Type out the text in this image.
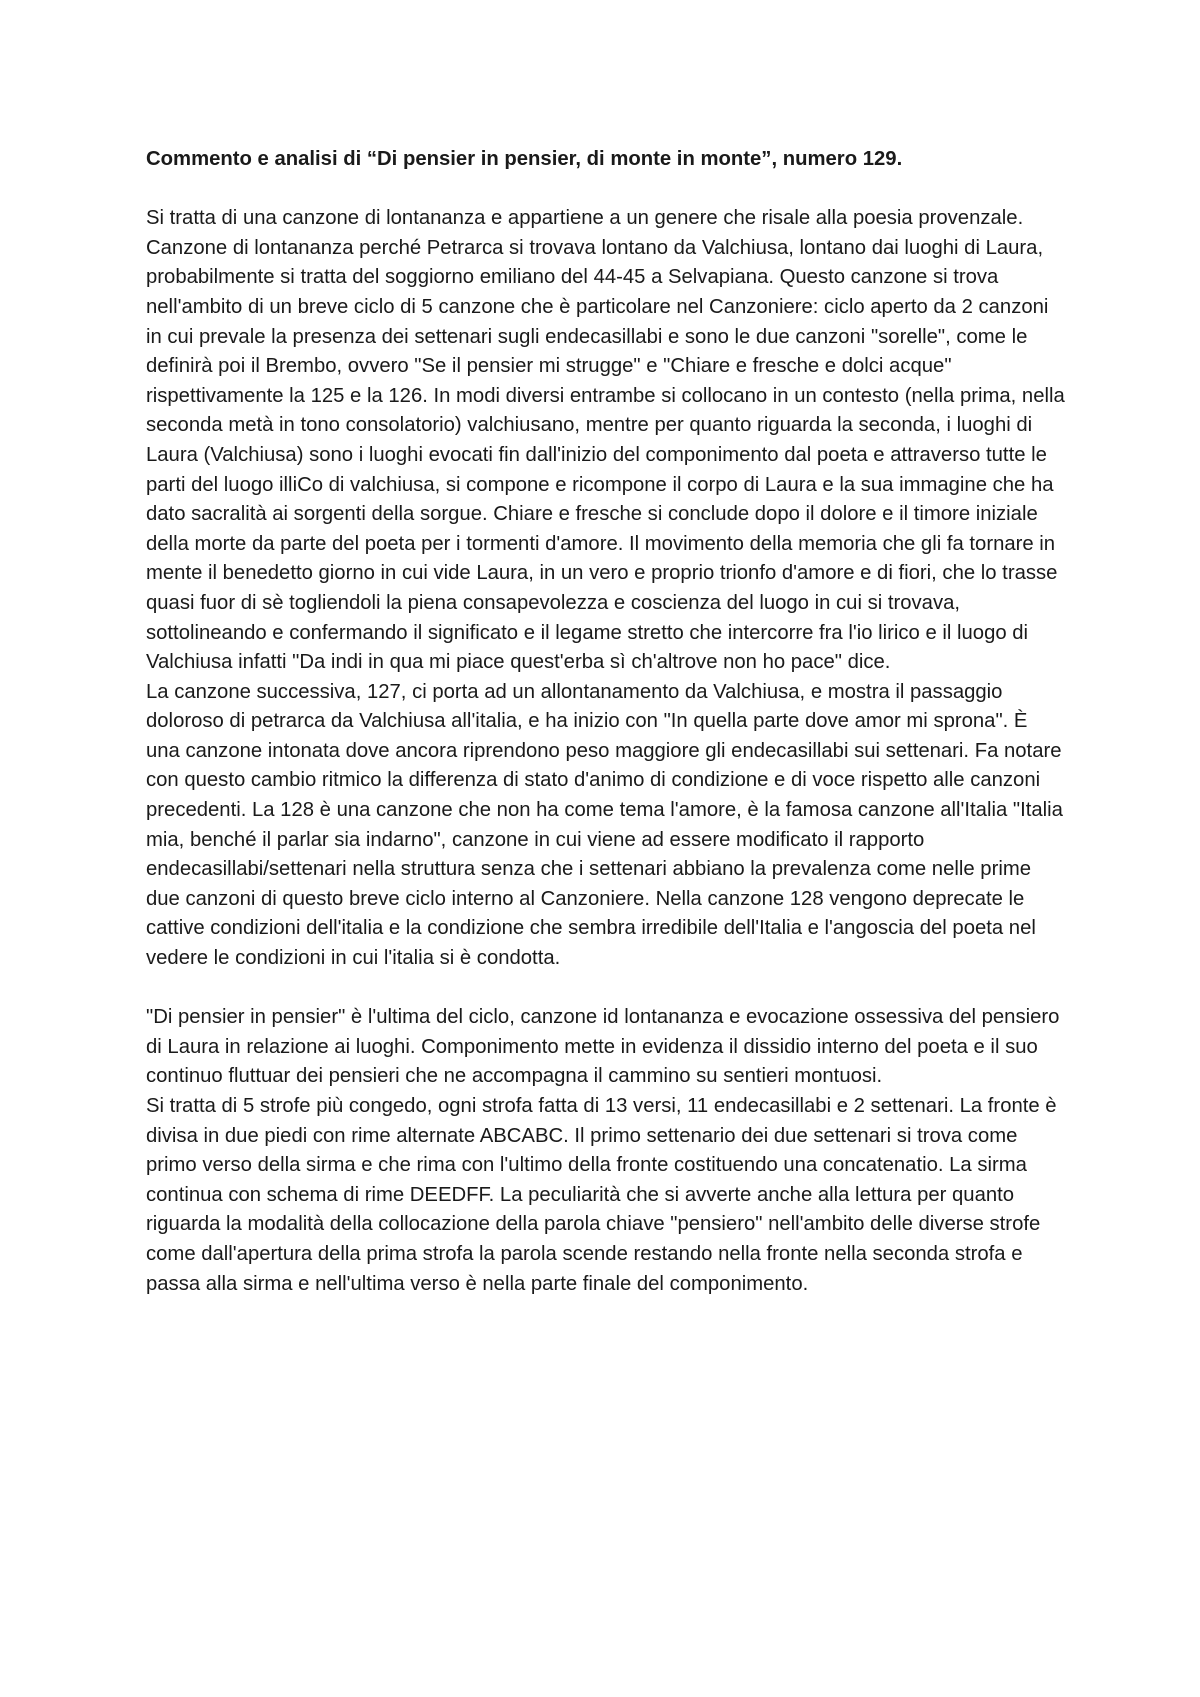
Commento e analisi di “Di pensier in pensier, di monte in monte”, numero 129.

Si tratta di una canzone di lontananza e appartiene a un genere che risale alla poesia provenzale. Canzone di lontananza perché Petrarca si trovava lontano da Valchiusa, lontano dai luoghi di Laura, probabilmente si tratta del soggiorno emiliano del 44-45 a Selvapiana. Questo canzone si trova nell'ambito di un breve ciclo di 5 canzone che è particolare nel Canzoniere: ciclo aperto da 2 canzoni in cui prevale la presenza dei settenari sugli endecasillabi e sono le due canzoni "sorelle", come le definirà poi il Brembo, ovvero "Se il pensier mi strugge" e "Chiare e fresche e dolci acque" rispettivamente la 125 e la 126. In modi diversi entrambe si collocano in un contesto (nella prima, nella seconda metà in tono consolatorio) valchiusano, mentre per quanto riguarda la seconda, i luoghi di Laura (Valchiusa) sono i luoghi evocati fin dall'inizio del componimento dal poeta e attraverso tutte le parti del luogo illiCo di valchiusa, si compone e ricompone il corpo di Laura e la sua immagine che ha dato sacralità ai sorgenti della sorgue. Chiare e fresche si conclude dopo il dolore e il timore iniziale della morte da parte del poeta per i tormenti d'amore. Il movimento della memoria che gli fa tornare in mente il benedetto giorno in cui vide Laura, in un vero e proprio trionfo d'amore e di fiori, che lo trasse quasi fuor di sè togliendoli la piena consapevolezza e coscienza del luogo in cui si trovava, sottolineando e confermando il significato e il legame stretto che intercorre fra l'io lirico e il luogo di Valchiusa infatti "Da indi in qua mi piace quest'erba sì ch'altrove non ho pace" dice.

La canzone successiva, 127, ci porta ad un allontanamento da Valchiusa, e mostra il passaggio doloroso di petrarca da Valchiusa all'italia, e ha inizio con "In quella parte dove amor mi sprona". È una canzone intonata dove ancora riprendono peso maggiore gli endecasillabi sui settenari. Fa notare con questo cambio ritmico la differenza di stato d'animo di condizione e di voce rispetto alle canzoni precedenti. La 128 è una canzone che non ha come tema l'amore, è la famosa canzone all'Italia "Italia mia, benché il parlar sia indarno", canzone in cui viene ad essere modificato il rapporto endecasillabi/settenari nella struttura senza che i settenari abbiano la prevalenza come nelle prime due canzoni di questo breve ciclo interno al Canzoniere. Nella canzone 128 vengono deprecate le cattive condizioni dell'italia e la condizione che sembra irredibile dell'Italia e l'angoscia del poeta nel vedere le condizioni in cui l'italia si è condotta.

"Di pensier in pensier" è l'ultima del ciclo, canzone id lontananza e evocazione ossessiva del pensiero di Laura in relazione ai luoghi. Componimento mette in evidenza il dissidio interno del poeta e il suo continuo fluttuar dei pensieri che ne accompagna il cammino su sentieri montuosi.

Si tratta di 5 strofe più congedo, ogni strofa fatta di 13 versi, 11 endecasillabi e 2 settenari. La fronte è divisa in due piedi con rime alternate ABCABC. Il primo settenario dei due settenari si trova come primo verso della sirma e che rima con l'ultimo della fronte costituendo una concatenatio. La sirma continua con schema di rime DEEDFF. La peculiarità che si avverte anche alla lettura per quanto riguarda la modalità della collocazione della parola chiave "pensiero" nell'ambito delle diverse strofe come dall'apertura della prima strofa la parola scende restando nella fronte nella seconda strofa e passa alla sirma e nell'ultima verso è nella parte finale del componimento.
